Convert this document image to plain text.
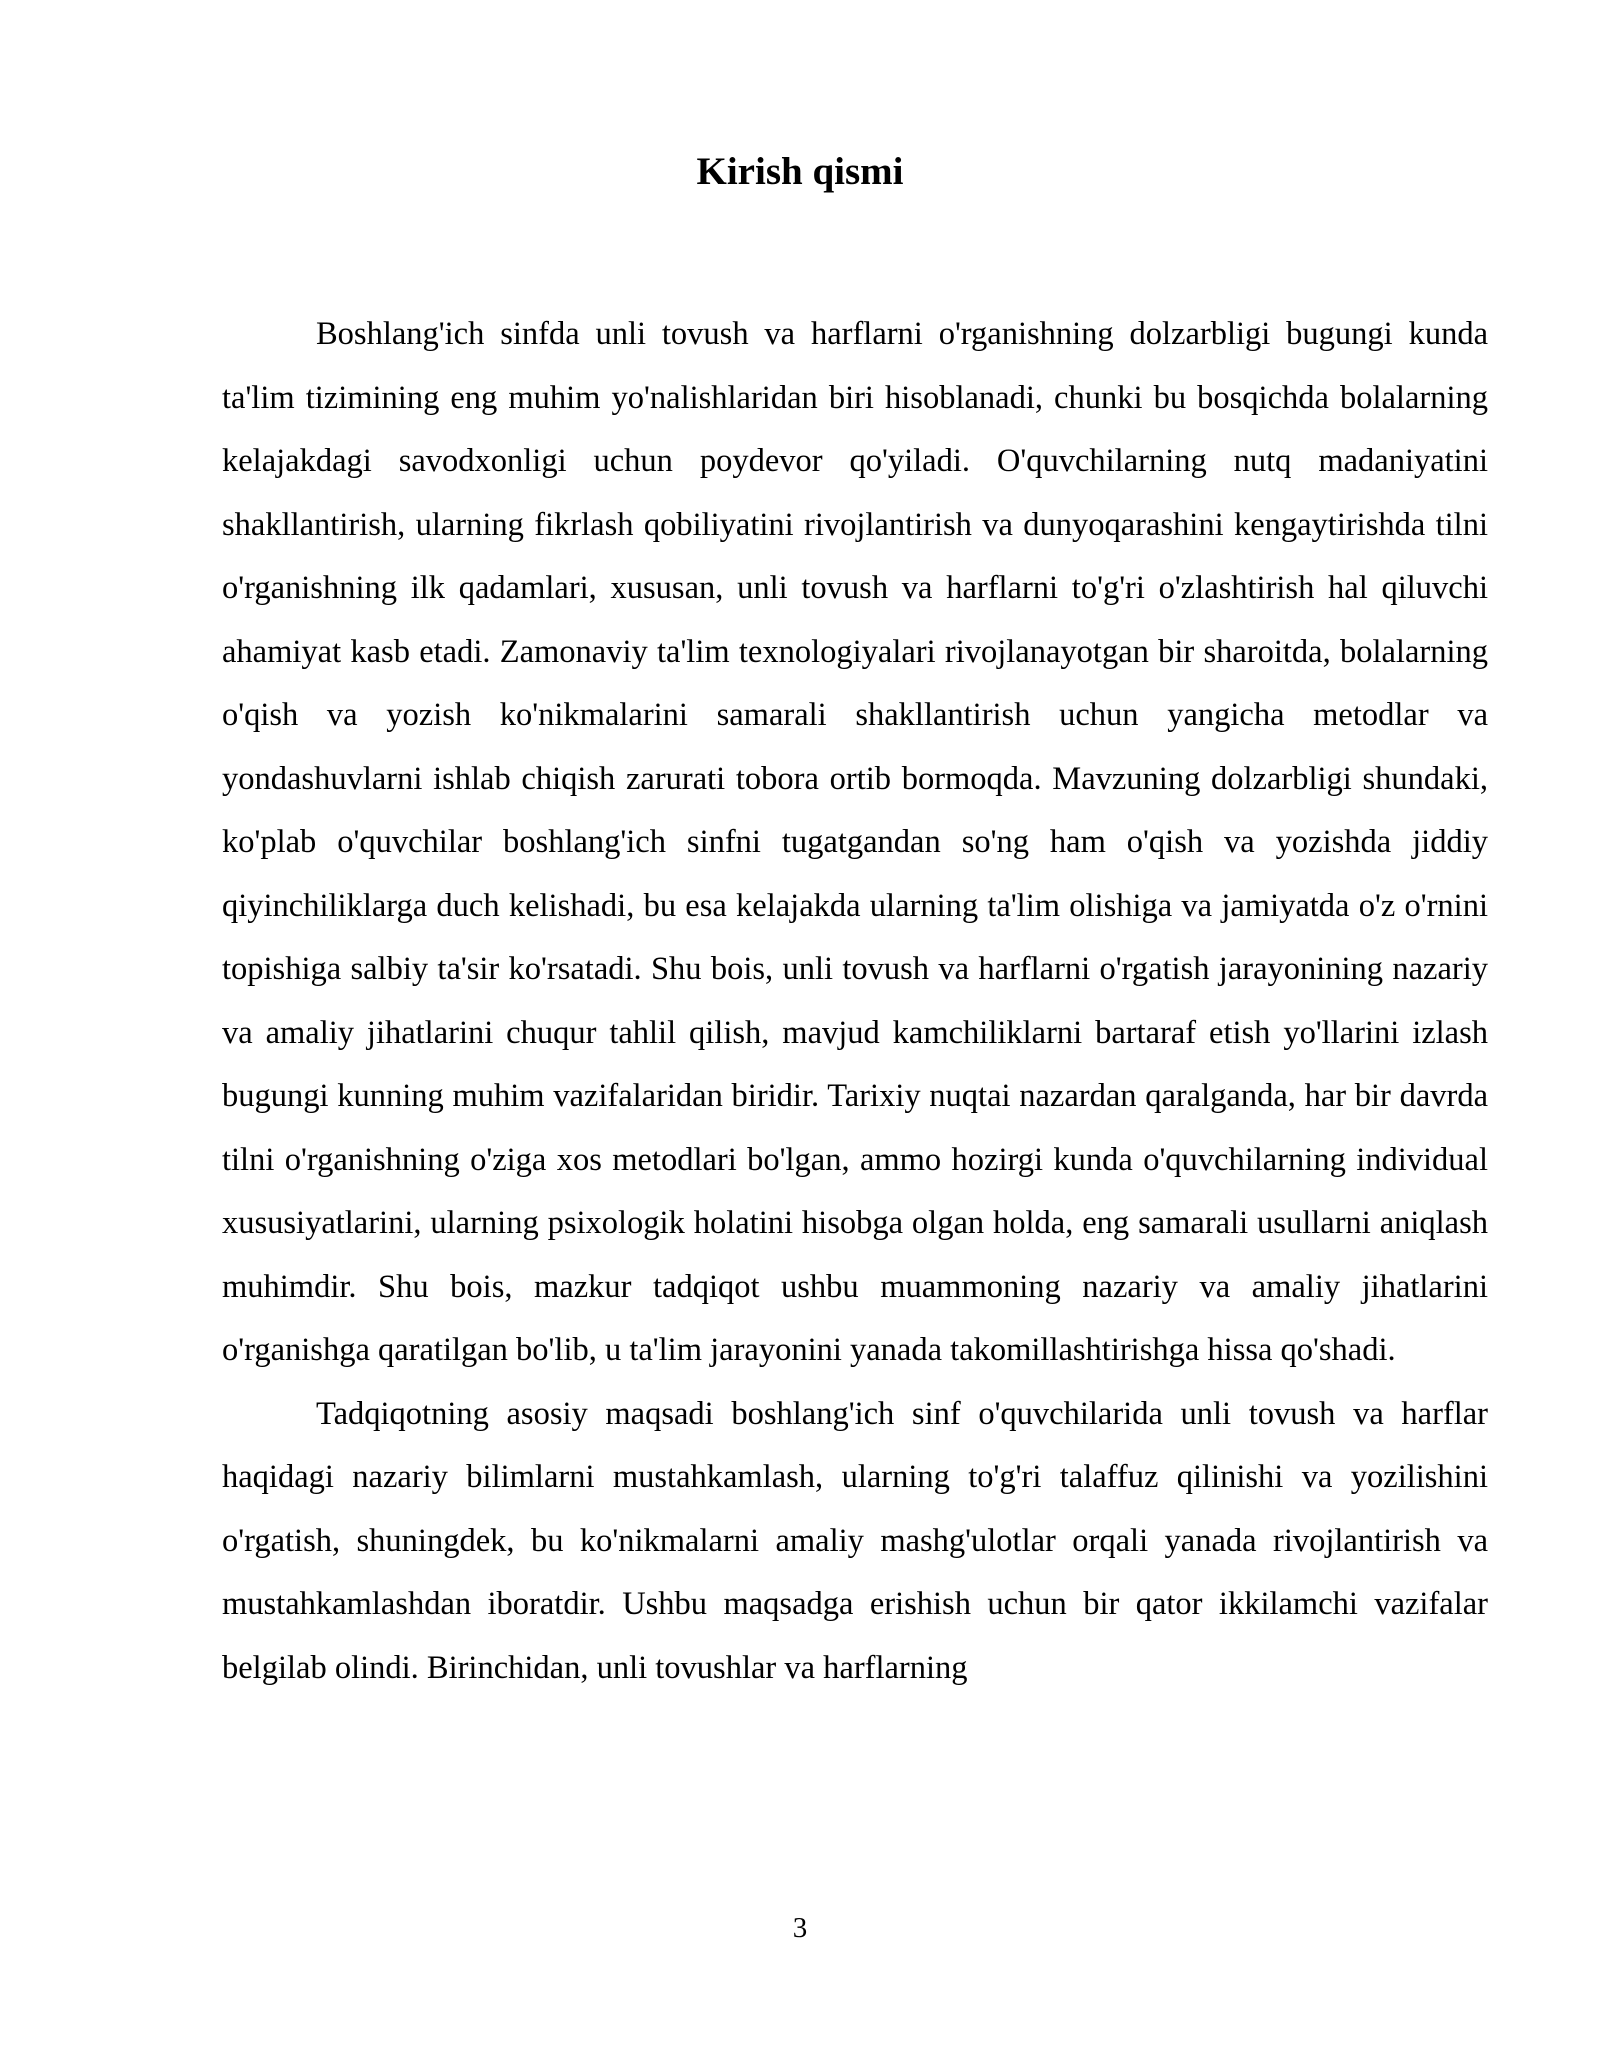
Kirish qismi

Boshlang'ich sinfda unli tovush va harflarni o'rganishning dolzarbligi bugungi kunda ta'lim tizimining eng muhim yo'nalishlaridan biri hisoblanadi, chunki bu bosqichda bolalarning kelajakdagi savodxonligi uchun poydevor qo'yiladi. O'quvchilarning nutq madaniyatini shakllantirish, ularning fikrlash qobiliyatini rivojlantirish va dunyoqarashini kengaytirishda tilni o'rganishning ilk qadamlari, xususan, unli tovush va harflarni to'g'ri o'zlashtirish hal qiluvchi ahamiyat kasb etadi. Zamonaviy ta'lim texnologiyalari rivojlanayotgan bir sharoitda, bolalarning o'qish va yozish ko'nikmalarini samarali shakllantirish uchun yangicha metodlar va yondashuvlarni ishlab chiqish zarurati tobora ortib bormoqda. Mavzuning dolzarbligi shundaki, ko'plab o'quvchilar boshlang'ich sinfni tugatgandan so'ng ham o'qish va yozishda jiddiy qiyinchiliklarga duch kelishadi, bu esa kelajakda ularning ta'lim olishiga va jamiyatda o'z o'rnini topishiga salbiy ta'sir ko'rsatadi. Shu bois, unli tovush va harflarni o'rgatish jarayonining nazariy va amaliy jihatlarini chuqur tahlil qilish, mavjud kamchiliklarni bartaraf etish yo'llarini izlash bugungi kunning muhim vazifalaridan biridir. Tarixiy nuqtai nazardan qaralganda, har bir davrda tilni o'rganishning o'ziga xos metodlari bo'lgan, ammo hozirgi kunda o'quvchilarning individual xususiyatlarini, ularning psixologik holatini hisobga olgan holda, eng samarali usullarni aniqlash muhimdir. Shu bois, mazkur tadqiqot ushbu muammoning nazariy va amaliy jihatlarini o'rganishga qaratilgan bo'lib, u ta'lim jarayonini yanada takomillashtirishga hissa qo'shadi.

Tadqiqotning asosiy maqsadi boshlang'ich sinf o'quvchilarida unli tovush va harflar haqidagi nazariy bilimlarni mustahkamlash, ularning to'g'ri talaffuz qilinishi va yozilishini o'rgatish, shuningdek, bu ko'nikmalarni amaliy mashg'ulotlar orqali yanada rivojlantirish va mustahkamlashdan iboratdir. Ushbu maqsadga erishish uchun bir qator ikkilamchi vazifalar belgilab olindi. Birinchidan, unli tovushlar va harflarning

3
